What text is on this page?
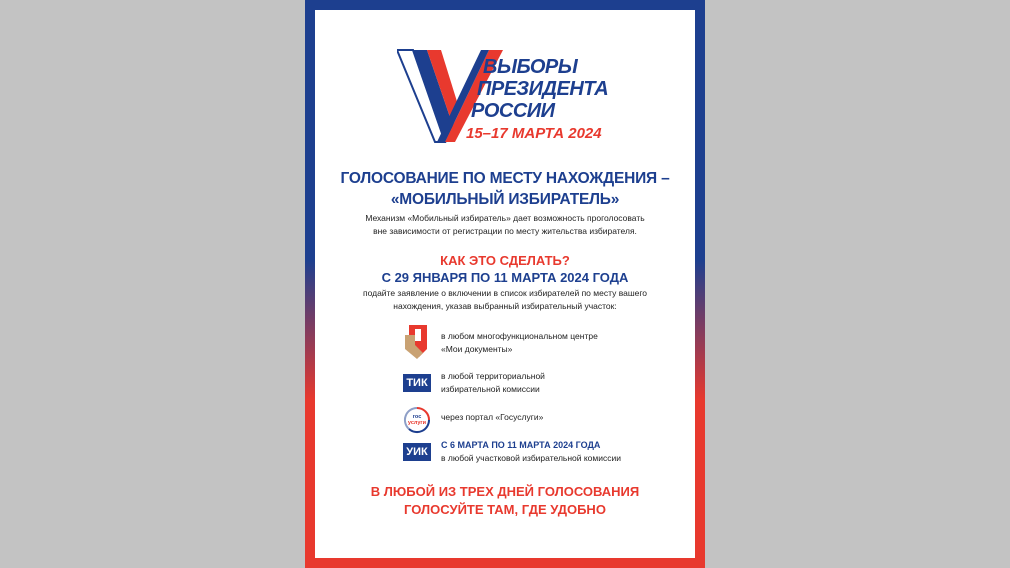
ВЫБОРЫ
ПРЕЗИДЕНТА
РОССИИ
15–17 МАРТА 2024
ГОЛОСОВАНИЕ ПО МЕСТУ НАХОЖДЕНИЯ –
«МОБИЛЬНЫЙ ИЗБИРАТЕЛЬ»
Механизм «Мобильный избиратель» дает возможность проголосовать
вне зависимости от регистрации по месту жительства избирателя.
КАК ЭТО СДЕЛАТЬ?
С 29 ЯНВАРЯ ПО 11 МАРТА 2024 ГОДА
подайте заявление о включении в список избирателей по месту вашего
нахождения, указав выбранный избирательный участок:
в любом многофункциональном центре
«Мои документы»
ТИК
в любой территориальной
избирательной комиссии
гос
услуги
через портал «Госуслуги»
УИК
С 6 МАРТА ПО 11 МАРТА 2024 ГОДА
в любой участковой избирательной комиссии
В ЛЮБОЙ ИЗ ТРЕХ ДНЕЙ ГОЛОСОВАНИЯ
ГОЛОСУЙТЕ ТАМ, ГДЕ УДОБНО
